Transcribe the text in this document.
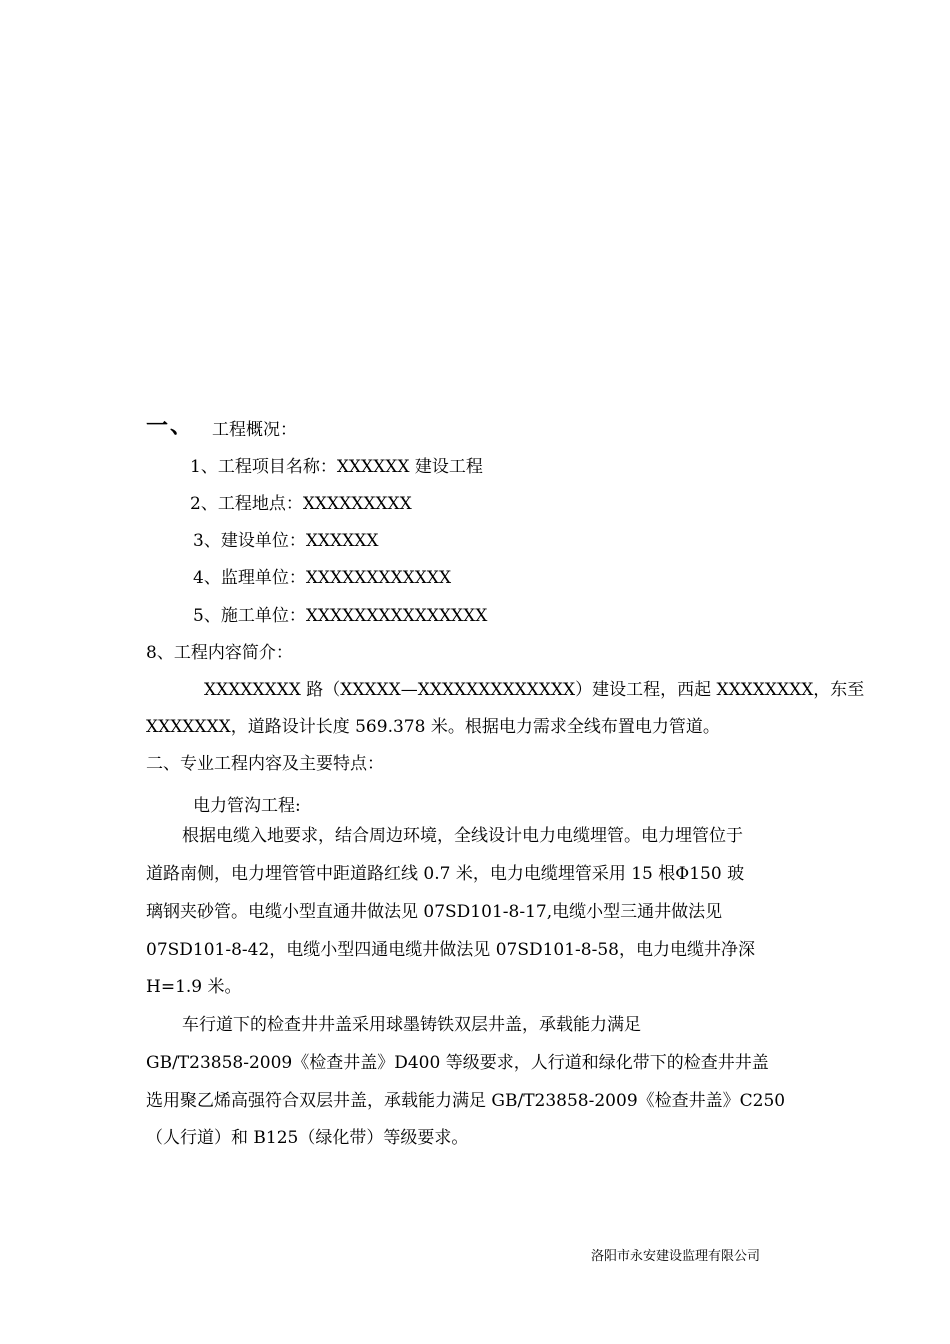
一、 工程概况：
1、工程项目名称：XXXXXX 建设工程
2、工程地点：XXXXXXXXX
3、建设单位：XXXXXX
4、监理单位：XXXXXXXXXXXX
5、施工单位：XXXXXXXXXXXXXXX
8、工程内容简介：
XXXXXXXX 路（XXXXX—XXXXXXXXXXXXX）建设工程，西起 XXXXXXXX，东至
XXXXXXX，道路设计长度 569.378 米。根据电力需求全线布置电力管道。
二、专业工程内容及主要特点：
电力管沟工程:
根据电缆入地要求，结合周边环境，全线设计电力电缆埋管。电力埋管位于
道路南侧，电力埋管管中距道路红线 0.7 米，电力电缆埋管采用 15 根Φ150 玻
璃钢夹砂管。电缆小型直通井做法见 07SD101-8-17,电缆小型三通井做法见
07SD101-8-42，电缆小型四通电缆井做法见 07SD101-8-58，电力电缆井净深
H=1.9 米。
车行道下的检查井井盖采用球墨铸铁双层井盖，承载能力满足
GB/T23858-2009《检查井盖》D400 等级要求，人行道和绿化带下的检查井井盖
选用聚乙烯高强符合双层井盖，承载能力满足 GB/T23858-2009《检查井盖》C250
（人行道）和 B125（绿化带）等级要求。
洛阳市永安建设监理有限公司
